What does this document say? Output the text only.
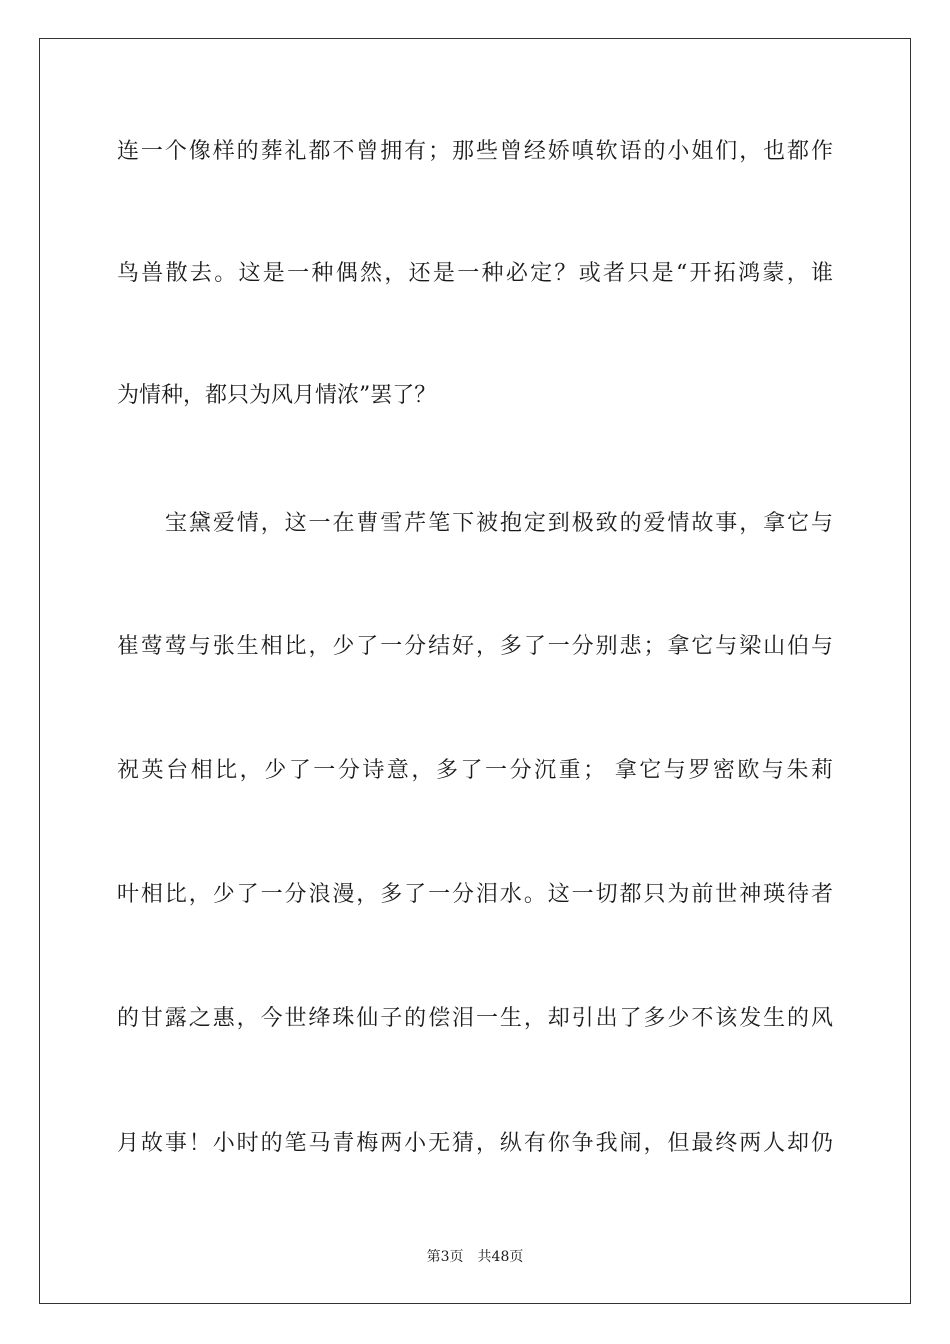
连一个像样的葬礼都不曾拥有；那些曾经娇嗔软语的小姐们，也都作
鸟兽散去。这是一种偶然，还是一种必定？或者只是“开拓鸿蒙，谁
为情种，都只为风月情浓”罢了？
宝黛爱情，这一在曹雪芹笔下被抱定到极致的爱情故事，拿它与
崔莺莺与张生相比，少了一分结好，多了一分别悲；拿它与梁山伯与
祝英台相比，少了一分诗意，多了一分沉重； 拿它与罗密欧与朱莉
叶相比，少了一分浪漫，多了一分泪水。这一切都只为前世神瑛待者
的甘露之惠，今世绛珠仙子的偿泪一生，却引出了多少不该发生的风
月故事！小时的笔马青梅两小无猜，纵有你争我闹，但最终两人却仍
第3页 共48页
